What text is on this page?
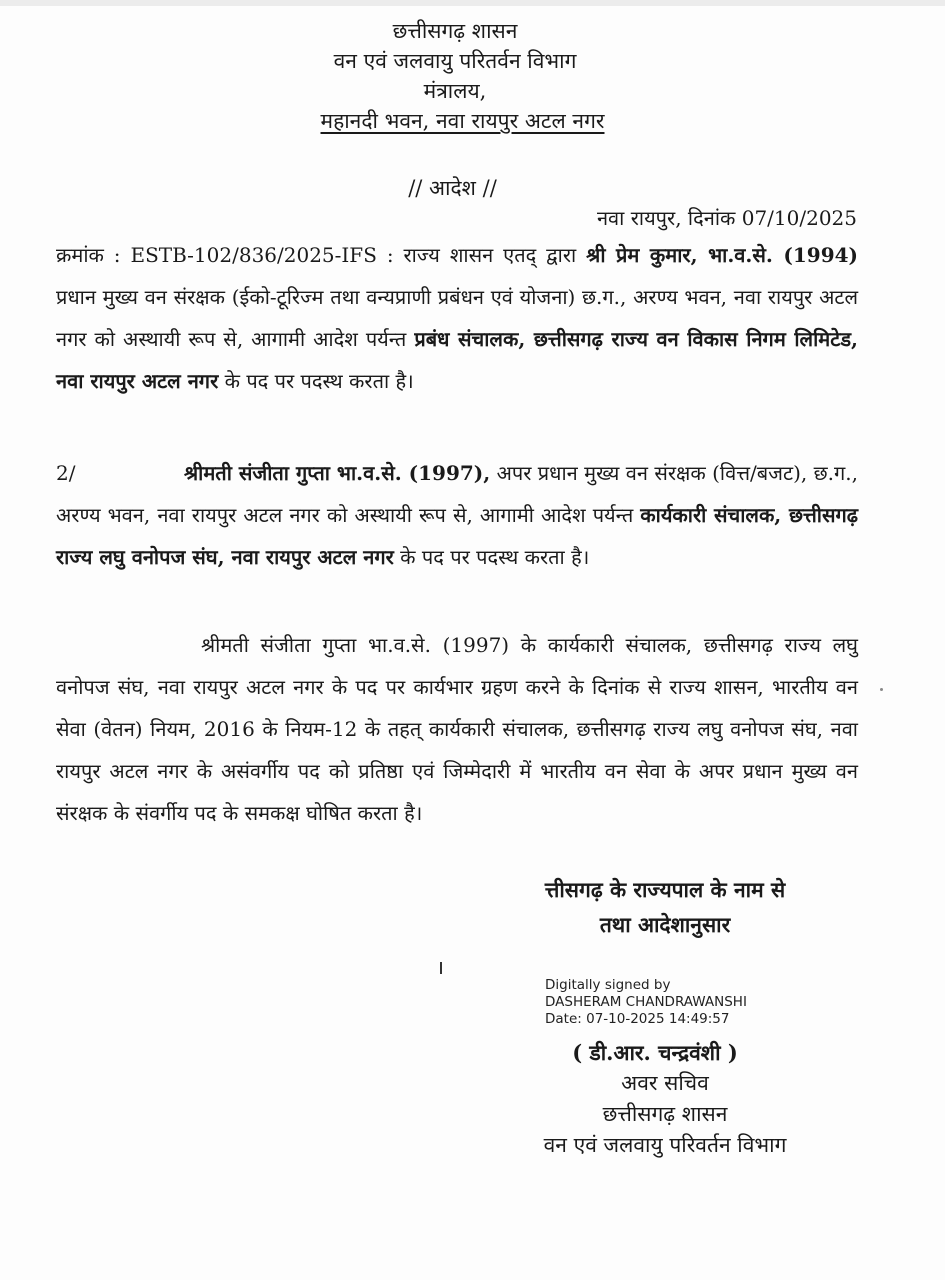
छत्तीसगढ़ शासन
वन एवं जलवायु परितर्वन विभाग
मंत्रालय,
महानदी भवन, नवा रायपुर अटल नगर
// आदेश //
नवा रायपुर, दिनांक 07/10/2025
क्रमांक : ESTB-102/836/2025-IFS : राज्य शासन एतद् द्वारा श्री प्रेम कुमार, भा.व.से. (1994) प्रधान मुख्य वन संरक्षक (ईको-टूरिज्म तथा वन्यप्राणी प्रबंधन एवं योजना) छ.ग., अरण्य भवन, नवा रायपुर अटल नगर को अस्थायी रूप से, आगामी आदेश पर्यन्त प्रबंध संचालक, छत्तीसगढ़ राज्य वन विकास निगम लिमिटेड, नवा रायपुर अटल नगर के पद पर पदस्थ करता है।
2/	श्रीमती संजीता गुप्ता भा.व.से. (1997), अपर प्रधान मुख्य वन संरक्षक (वित्त/बजट), छ.ग., अरण्य भवन, नवा रायपुर अटल नगर को अस्थायी रूप से, आगामी आदेश पर्यन्त कार्यकारी संचालक, छत्तीसगढ़ राज्य लघु वनोपज संघ, नवा रायपुर अटल नगर के पद पर पदस्थ करता है।
श्रीमती संजीता गुप्ता भा.व.से. (1997) के कार्यकारी संचालक, छत्तीसगढ़ राज्य लघु वनोपज संघ, नवा रायपुर अटल नगर के पद पर कार्यभार ग्रहण करने के दिनांक से राज्य शासन, भारतीय वन सेवा (वेतन) नियम, 2016 के नियम-12 के तहत् कार्यकारी संचालक, छत्तीसगढ़ राज्य लघु वनोपज संघ, नवा रायपुर अटल नगर के असंवर्गीय पद को प्रतिष्ठा एवं जिम्मेदारी में भारतीय वन सेवा के अपर प्रधान मुख्य वन संरक्षक के संवर्गीय पद के समकक्ष घोषित करता है।
त्तीसगढ़ के राज्यपाल के नाम से
तथा आदेशानुसार
Digitally signed by
DASHERAM CHANDRAWANSHI
Date: 07-10-2025 14:49:57
( डी.आर. चन्द्रवंशी )
अवर सचिव
छत्तीसगढ़ शासन
वन एवं जलवायु परिवर्तन विभाग
